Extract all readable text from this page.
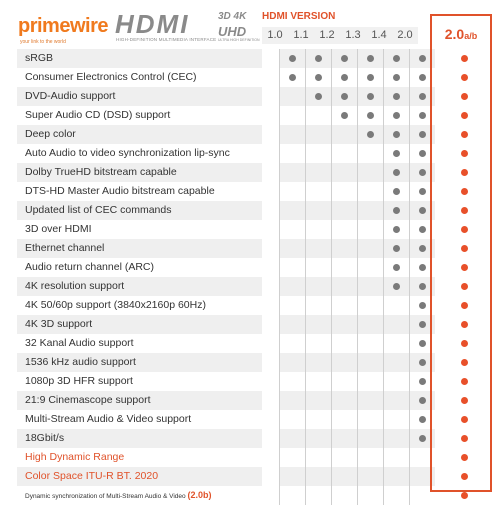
primewire
your link to the world
HDMI
HIGH-DEFINITION MULTIMEDIA INTERFACE
3D 4K
UHD
ULTRA HIGH DEFINITION
HDMI VERSION
1.0 1.1 1.2 1.3 1.4 2.0	2.0a/b
sRGB
Consumer Electronics Control (CEC)
DVD-Audio support
Super Audio CD (DSD) support
Deep color
Auto Audio to video synchronization lip-sync
Dolby TrueHD bitstream capable
DTS-HD Master Audio bitstream capable
Updated list of CEC commands
3D over HDMI
Ethernet channel
Audio return channel (ARC)
4K resolution support
4K 50/60p support (3840x2160p 60Hz)
4K 3D support
32 Kanal Audio support
1536 kHz audio support
1080p 3D HFR support
21:9 Cinemascope support
Multi-Stream Audio & Video support
18Gbit/s
High Dynamic Range
Color Space ITU-R BT. 2020
Dynamic synchronization of Multi-Stream Audio & Video (2.0b)
